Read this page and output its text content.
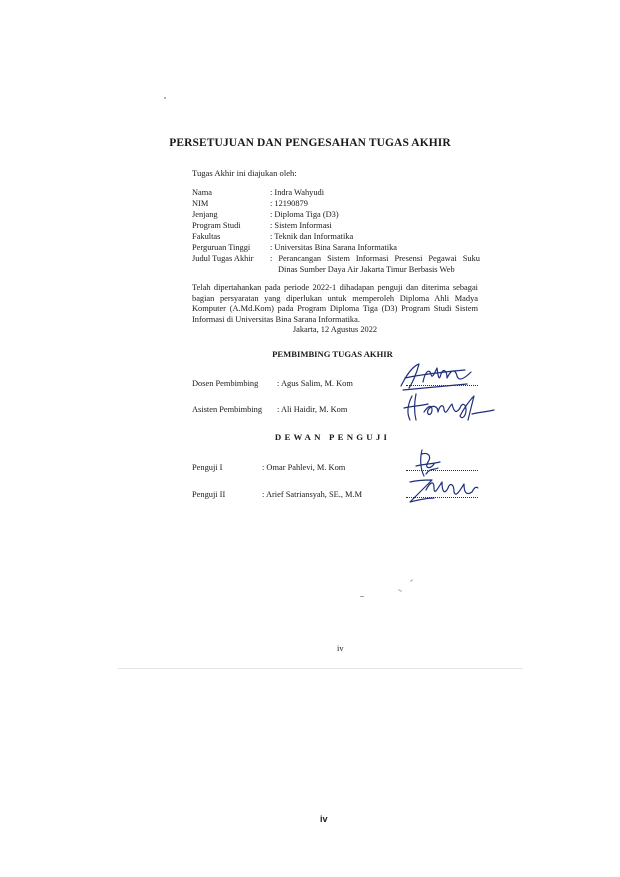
PERSETUJUAN DAN PENGESAHAN TUGAS AKHIR
Tugas Akhir ini diajukan oleh:
Nama	: Indra Wahyudi
NIM	: 12190879
Jenjang	: Diploma Tiga (D3)
Program Studi	: Sistem Informasi
Fakultas	: Teknik dan Informatika
Perguruan Tinggi : Universitas Bina Sarana Informatika
Judul Tugas Akhir : Perancangan Sistem Informasi Presensi Pegawai Suku
Dinas Sumber Daya Air Jakarta Timur Berbasis Web
Telah dipertahankan pada periode 2022-1 dihadapan penguji dan diterima sebagai
bagian persyaratan yang diperlukan untuk memperoleh Diploma Ahli Madya
Komputer (A.Md.Kom) pada Program Diploma Tiga (D3) Program Studi Sistem
Informasi di Universitas Bina Sarana Informatika.
Jakarta, 12 Agustus 2022
PEMBIMBING TUGAS AKHIR
Dosen Pembimbing : Agus Salim, M. Kom
Asisten Pembimbing : Ali Haidir, M. Kom
DEWAN PENGUJI
Penguji I	: Omar Pahlevi, M. Kom
Penguji II	: Arief Satriansyah, SE., M.M
iv
iv
